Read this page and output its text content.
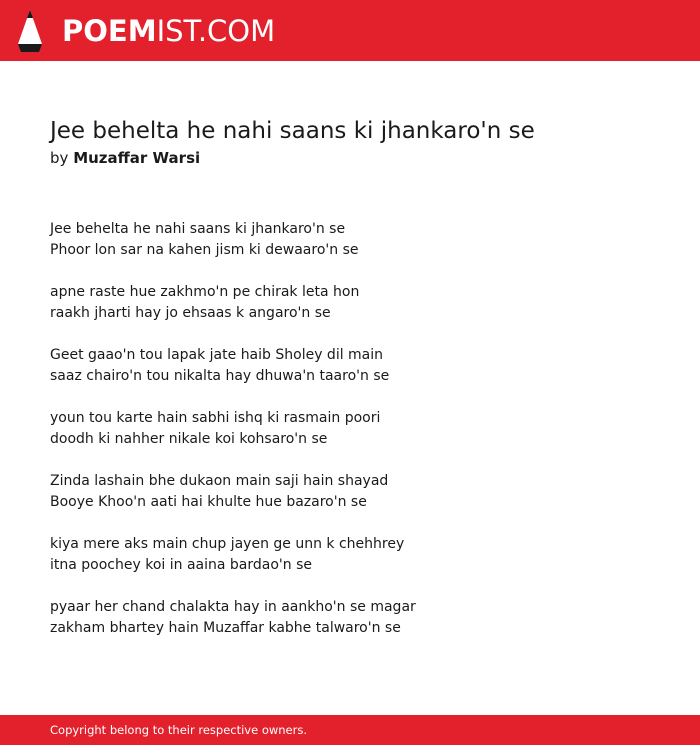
POEMIST.COM
Jee behelta he nahi saans ki jhankaro'n se
by Muzaffar Warsi
Jee behelta he nahi saans ki jhankaro'n se
Phoor lon sar na kahen jism ki dewaaro'n se
apne raste hue zakhmo'n pe chirak leta hon
raakh jharti hay jo ehsaas k angaro'n se
Geet gaao'n tou lapak jate haib Sholey dil main
saaz chairo'n tou nikalta hay dhuwa'n taaro'n se
youn tou karte hain sabhi ishq ki rasmain poori
doodh ki nahher nikale koi kohsaro'n se
Zinda lashain bhe dukaon main saji hain shayad
Booye Khoo'n aati hai khulte hue bazaro'n se
kiya mere aks main chup jayen ge unn k chehhrey
itna poochey koi in aaina bardao'n se
pyaar her chand chalakta hay in aankho'n se magar
zakham bhartey hain Muzaffar kabhe talwaro'n se
Copyright belong to their respective owners.
